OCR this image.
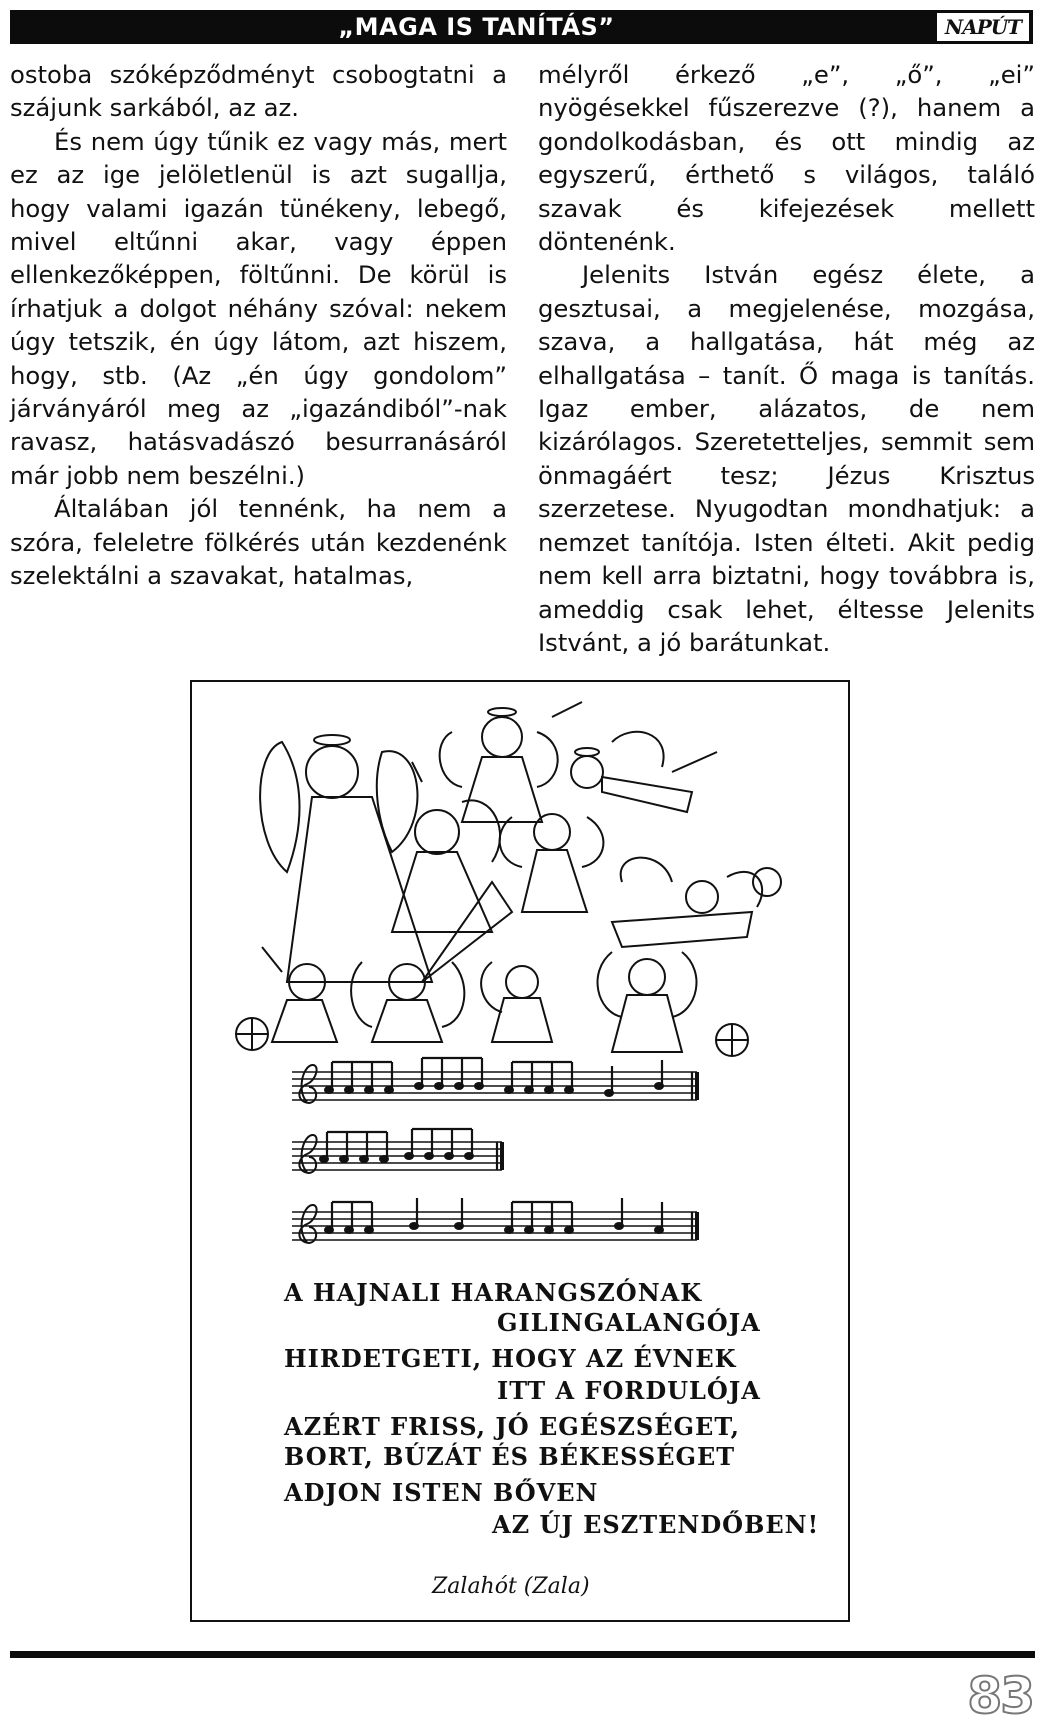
„MAGA IS TANÍTÁS”	NAPÚT

ostoba szóképződményt csobogtatni a szájunk sarkából, az az.

És nem úgy tűnik ez vagy más, mert ez az ige jelöletlenül is azt sugallja, hogy valami igazán tünékeny, lebegő, mivel eltűnni akar, vagy éppen ellenkezőképpen, föltűnni. De körül is írhatjuk a dolgot néhány szóval: nekem úgy tetszik, én úgy látom, azt hiszem, hogy, stb. (Az „én úgy gondolom” járványáról meg az „igazándiból”-nak ravasz, hatásvadászó besurranásáról már jobb nem beszélni.)

Általában jól tennénk, ha nem a szóra, feleletre fölkérés után kezdenénk szelektálni a szavakat, hatalmas,

mélyről érkező „e”, „ő”, „ei” nyögésekkel fűszerezve (?), hanem a gondolkodásban, és ott mindig az egyszerű, érthető s világos, találó szavak és kifejezések mellett döntenénk.

Jelenits István egész élete, a gesztusai, a megjelenése, mozgása, szava, a hallgatása, hát még az elhallgatása – tanít. Ő maga is tanítás. Igaz ember, alázatos, de nem kizárólagos. Szeretetteljes, semmit sem önmagáért tesz; Jézus Krisztus szerzetese. Nyugodtan mondhatjuk: a nemzet tanítója. Isten élteti. Akit pedig nem kell arra biztatni, hogy továbbra is, ameddig csak lehet, éltesse Jelenits Istvánt, a jó barátunkat.

A HAJNALI HARANGSZÓNAK
GILINGALANGÓJA
HIRDETGETI, HOGY AZ ÉVNEK
ITT A FORDULÓJA
AZÉRT FRISS, JÓ EGÉSZSÉGET,
BORT, BÚZÁT ÉS BÉKESSÉGET
ADJON ISTEN BŐVEN
AZ ÚJ ESZTENDŐBEN!
Zalahót (Zala)
83
